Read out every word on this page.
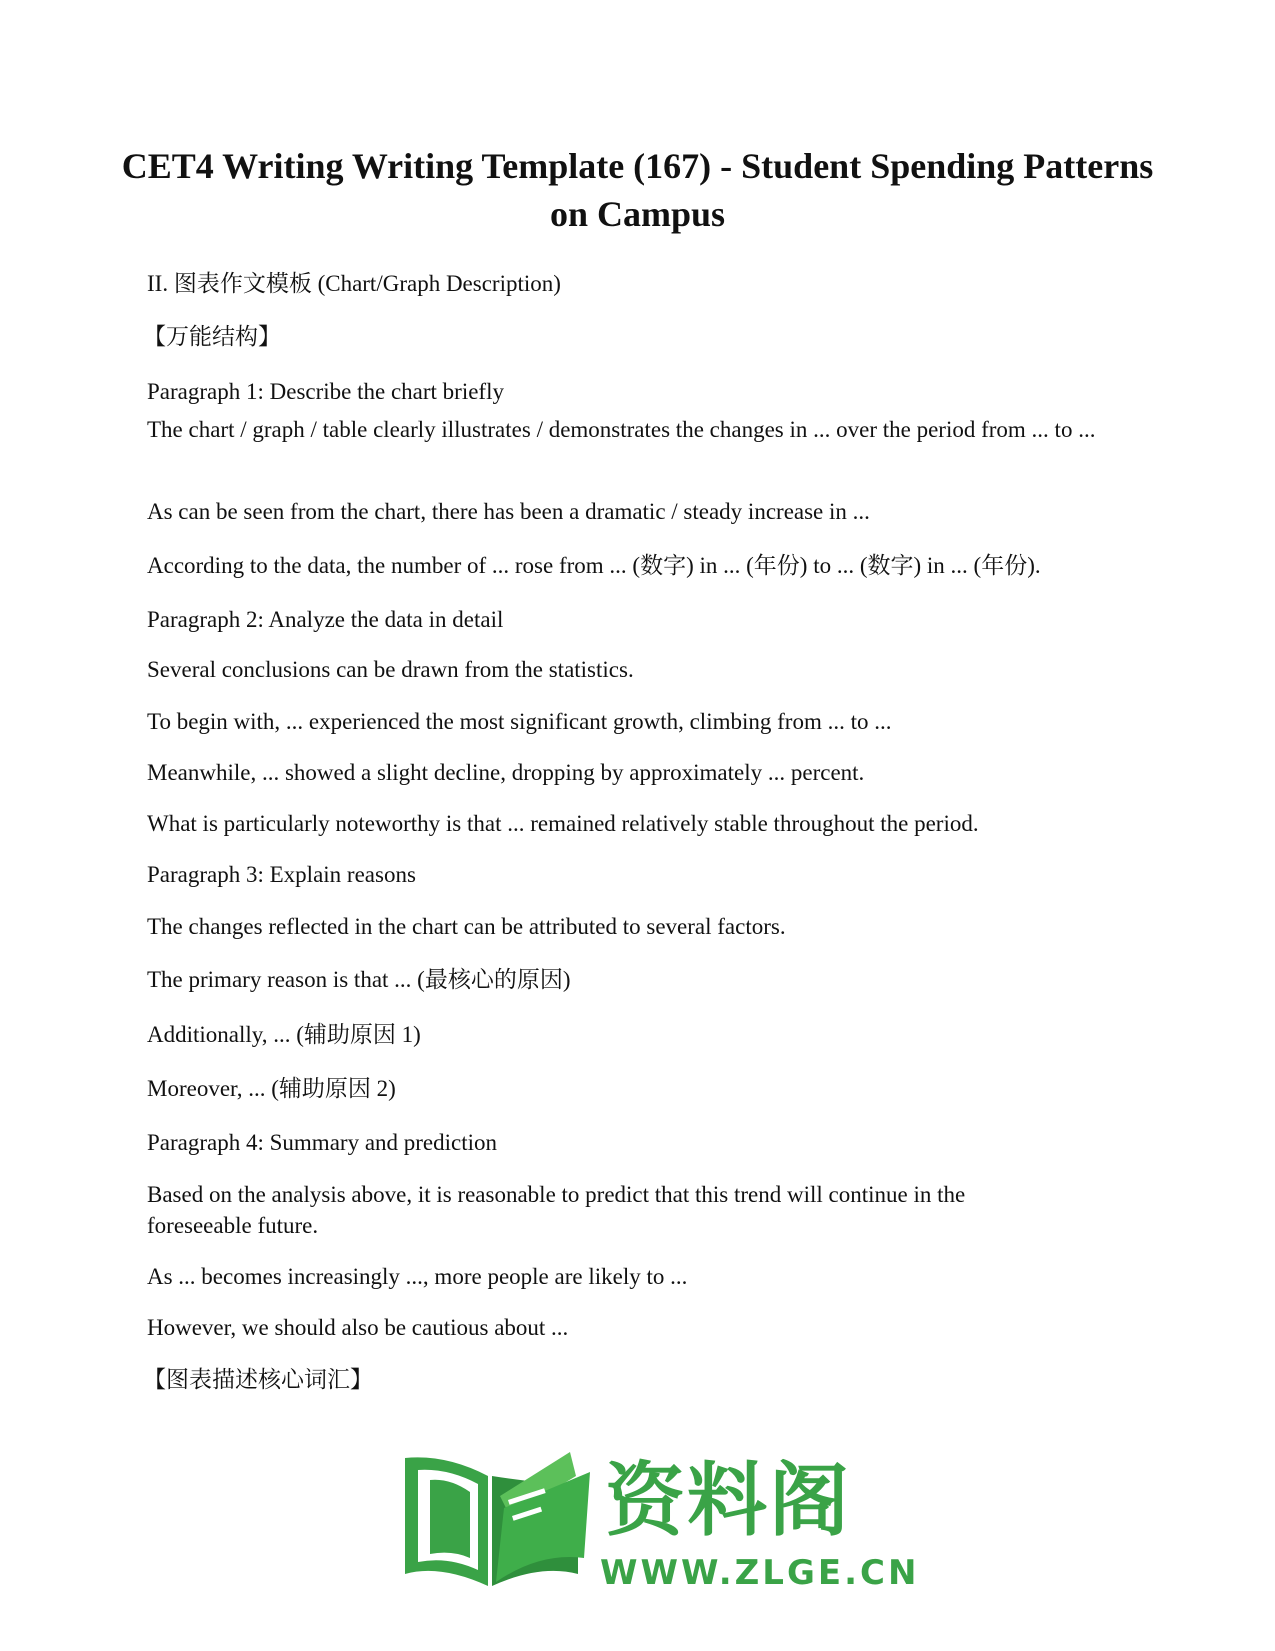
CET4 Writing Writing Template (167) - Student Spending Patterns on Campus

II. 图表作文模板 (Chart/Graph Description)

【万能结构】

Paragraph 1: Describe the chart briefly

The chart / graph / table clearly illustrates / demonstrates the changes in ... over the period from ... to ...

As can be seen from the chart, there has been a dramatic / steady increase in ...

According to the data, the number of ... rose from ... (数字) in ... (年份) to ... (数字) in ... (年份).

Paragraph 2: Analyze the data in detail

Several conclusions can be drawn from the statistics.

To begin with, ... experienced the most significant growth, climbing from ... to ...

Meanwhile, ... showed a slight decline, dropping by approximately ... percent.

What is particularly noteworthy is that ... remained relatively stable throughout the period.

Paragraph 3: Explain reasons

The changes reflected in the chart can be attributed to several factors.

The primary reason is that ... (最核心的原因)

Additionally, ... (辅助原因 1)

Moreover, ... (辅助原因 2)

Paragraph 4: Summary and prediction

Based on the analysis above, it is reasonable to predict that this trend will continue in the foreseeable future.

As ... becomes increasingly ..., more people are likely to ...

However, we should also be cautious about ...

【图表描述核心词汇】

资料阁
WWW.ZLGE.CN
